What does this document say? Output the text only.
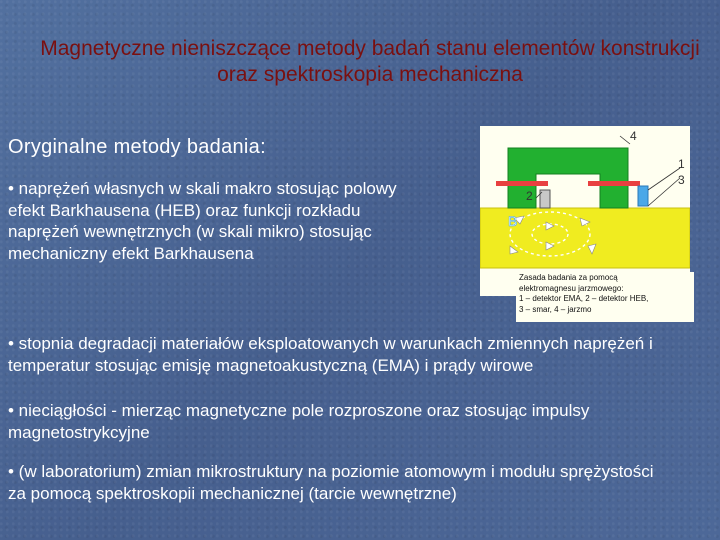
Magnetyczne nieniszczące metody badań stanu elementów konstrukcji oraz spektroskopia mechaniczna
Oryginalne metody badania:
• naprężeń własnych w skali makro stosując polowy efekt Barkhausena (HEB) oraz funkcji rozkładu naprężeń wewnętrznych (w skali mikro) stosując mechaniczny efekt Barkhausena
4
1
3
2
B
Zasada badania za pomocą
elektromagnesu jarzmowego:
1 – detektor EMA, 2 – detektor HEB,
3 – smar, 4 – jarzmo
• stopnia degradacji materiałów eksploatowanych w warunkach zmiennych naprężeń i temperatur stosując emisję magnetoakustyczną (EMA) i prądy wirowe
• nieciągłości - mierząc magnetyczne pole rozproszone oraz stosując impulsy magnetostrykcyjne
• (w laboratorium) zmian mikrostruktury na poziomie atomowym i modułu sprężystości za pomocą spektroskopii mechanicznej (tarcie wewnętrzne)
